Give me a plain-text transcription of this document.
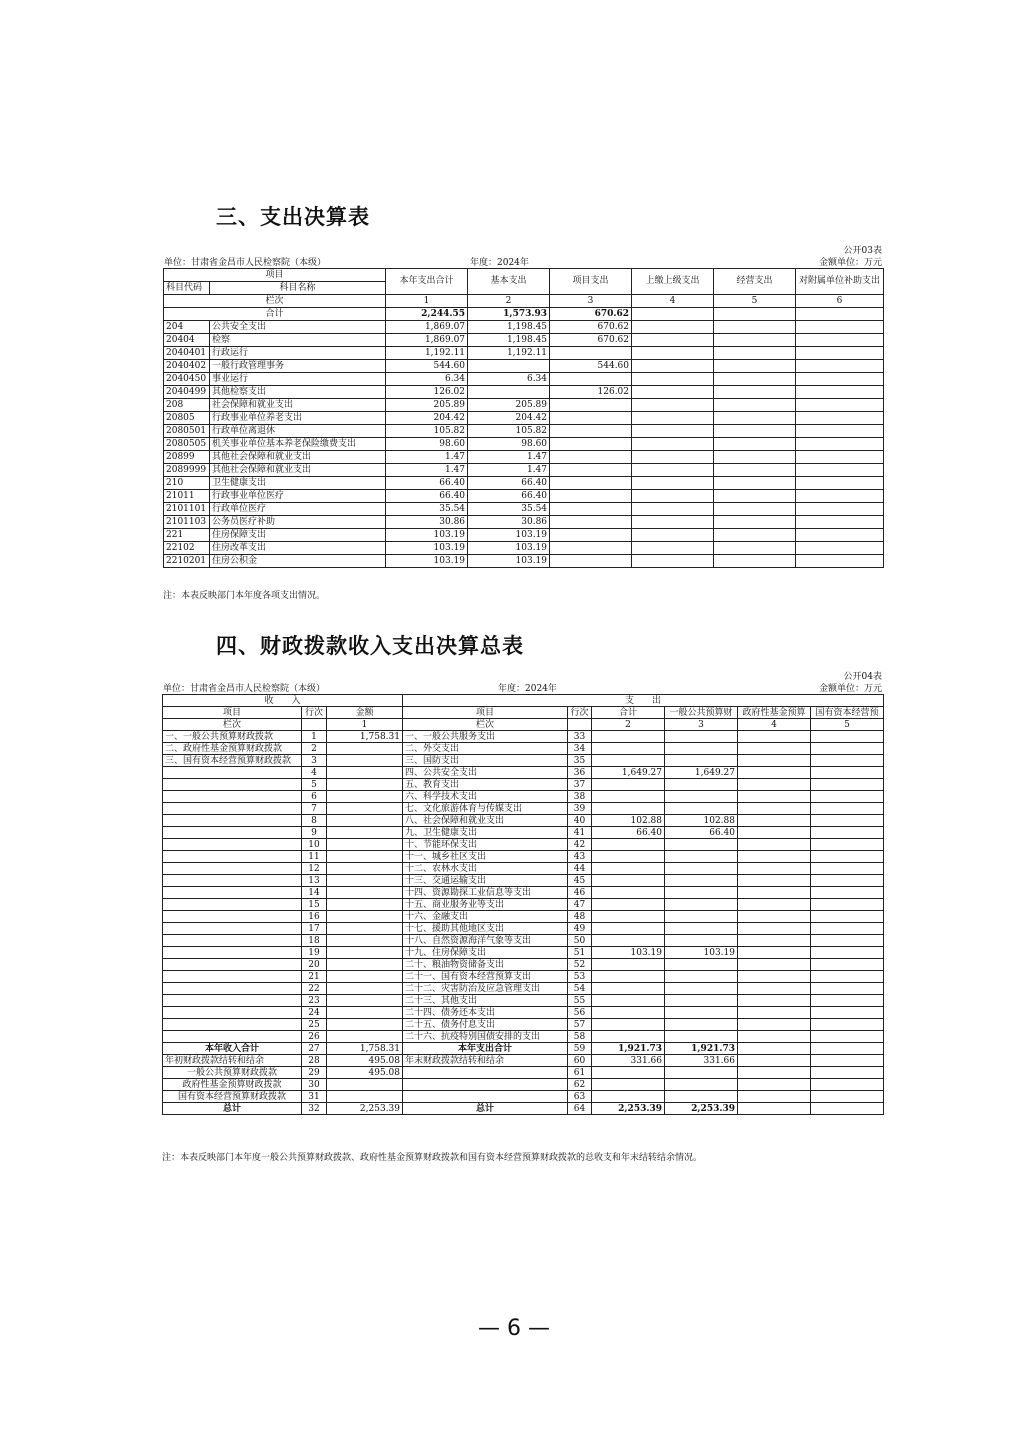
三、支出决算表
公开03表
单位：甘肃省金昌市人民检察院（本级）	年度：2024年	金额单位：万元
项目		本年支出合计	基本支出	项目支出	上缴上级支出	经营支出	对附属单位补助支出
科目代码	科目名称						
栏次		1	2	3	4	5	6
合计		2,244.55	1,573.93	670.62			
204	公共安全支出	1,869.07	1,198.45	670.62			
20404	检察	1,869.07	1,198.45	670.62			
2040401	行政运行	1,192.11	1,192.11				
2040402	一般行政管理事务	544.60		544.60			
2040450	事业运行	6.34	6.34				
2040499	其他检察支出	126.02		126.02			
208	社会保障和就业支出	205.89	205.89				
20805	行政事业单位养老支出	204.42	204.42				
2080501	行政单位离退休	105.82	105.82				
2080505	机关事业单位基本养老保险缴费支出	98.60	98.60				
20899	其他社会保障和就业支出	1.47	1.47				
2089999	其他社会保障和就业支出	1.47	1.47				
210	卫生健康支出	66.40	66.40				
21011	行政事业单位医疗	66.40	66.40				
2101101	行政单位医疗	35.54	35.54				
2101103	公务员医疗补助	30.86	30.86				
221	住房保障支出	103.19	103.19				
22102	住房改革支出	103.19	103.19				
2210201	住房公积金	103.19	103.19				
注：本表反映部门本年度各项支出情况。
四、财政拨款收入支出决算总表
公开04表
单位：甘肃省金昌市人民检察院（本级）	年度：2024年	金额单位：万元
收　　入			支　　出					
项目	行次	金额	项目	行次	合计	一般公共预算财	政府性基金预算	国有资本经营预
栏次		1	栏次		2	3	4	5
一、一般公共预算财政拨款	1	1,758.31	一、一般公共服务支出	33				
二、政府性基金预算财政拨款	2		二、外交支出	34				
三、国有资本经营预算财政拨款	3		三、国防支出	35				
	4		四、公共安全支出	36	1,649.27	1,649.27		
	5		五、教育支出	37				
	6		六、科学技术支出	38				
	7		七、文化旅游体育与传媒支出	39				
	8		八、社会保障和就业支出	40	102.88	102.88		
	9		九、卫生健康支出	41	66.40	66.40		
	10		十、节能环保支出	42				
	11		十一、城乡社区支出	43				
	12		十二、农林水支出	44				
	13		十三、交通运输支出	45				
	14		十四、资源勘探工业信息等支出	46				
	15		十五、商业服务业等支出	47				
	16		十六、金融支出	48				
	17		十七、援助其他地区支出	49				
	18		十八、自然资源海洋气象等支出	50				
	19		十九、住房保障支出	51	103.19	103.19		
	20		二十、粮油物资储备支出	52				
	21		二十一、国有资本经营预算支出	53				
	22		二十二、灾害防治及应急管理支出	54				
	23		二十三、其他支出	55				
	24		二十四、债务还本支出	56				
	25		二十五、债务付息支出	57				
	26		二十六、抗疫特别国债安排的支出	58				
本年收入合计	27	1,758.31	本年支出合计	59	1,921.73	1,921.73		
年初财政拨款结转和结余	28	495.08	年末财政拨款结转和结余	60	331.66	331.66		
一般公共预算财政拨款	29	495.08		61				
政府性基金预算财政拨款	30			62				
国有资本经营预算财政拨款	31			63				
总计	32	2,253.39	总计	64	2,253.39	2,253.39		
注：本表反映部门本年度一般公共预算财政拨款、政府性基金预算财政拨款和国有资本经营预算财政拨款的总收支和年末结转结余情况。
— 6 —
